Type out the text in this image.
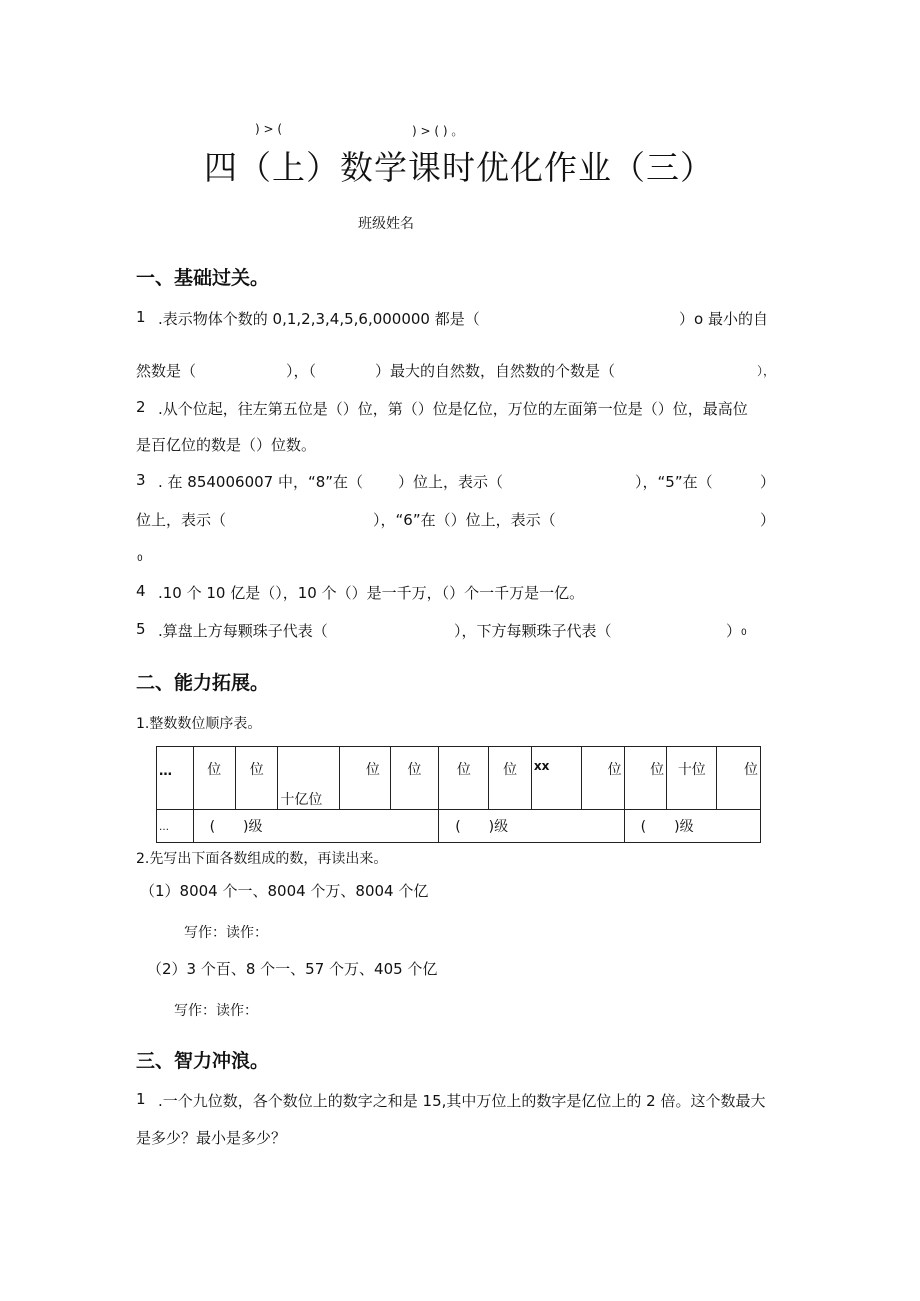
) > (	) > ( ) 。
四（上）数学课时优化作业（三）
班级姓名
一、基础过关。
1 .表示物体个数的 0,1,2,3,4,5,6,000000 都是（	）o 最小的自
然数是（	），（	）最大的自然数，自然数的个数是（	），
2 .从个位起，往左第五位是（）位，第（）位是亿位，万位的左面第一位是（）位，最高位
是百亿位的数是（）位数。
3 . 在 854006007 中，“8”在（ ）位上，表示（	），“5”在（	）
位上，表示（	），“6”在（）位上，表示（	）
0
4 .10 个 10 亿是（），10 个（）是一千万，（）个一千万是一亿。
5 .算盘上方每颗珠子代表（	），下方每颗珠子代表（	） 0
二、能力拓展。
1.整数数位顺序表。
…	位	位	十亿位	位	位	位	位	xx	位	位	十位	位

…	(　　)级					(　　)级				(　　)级		
2.先写出下面各数组成的数，再读出来。
（1）8004 个一、8004 个万、8004 个亿
写作：读作：
（2）3 个百、8 个一、57 个万、405 个亿
写作：读作：
三、智力冲浪。
1 .一个九位数，各个数位上的数字之和是 15,其中万位上的数字是亿位上的 2 倍。这个数最大
是多少？最小是多少？
